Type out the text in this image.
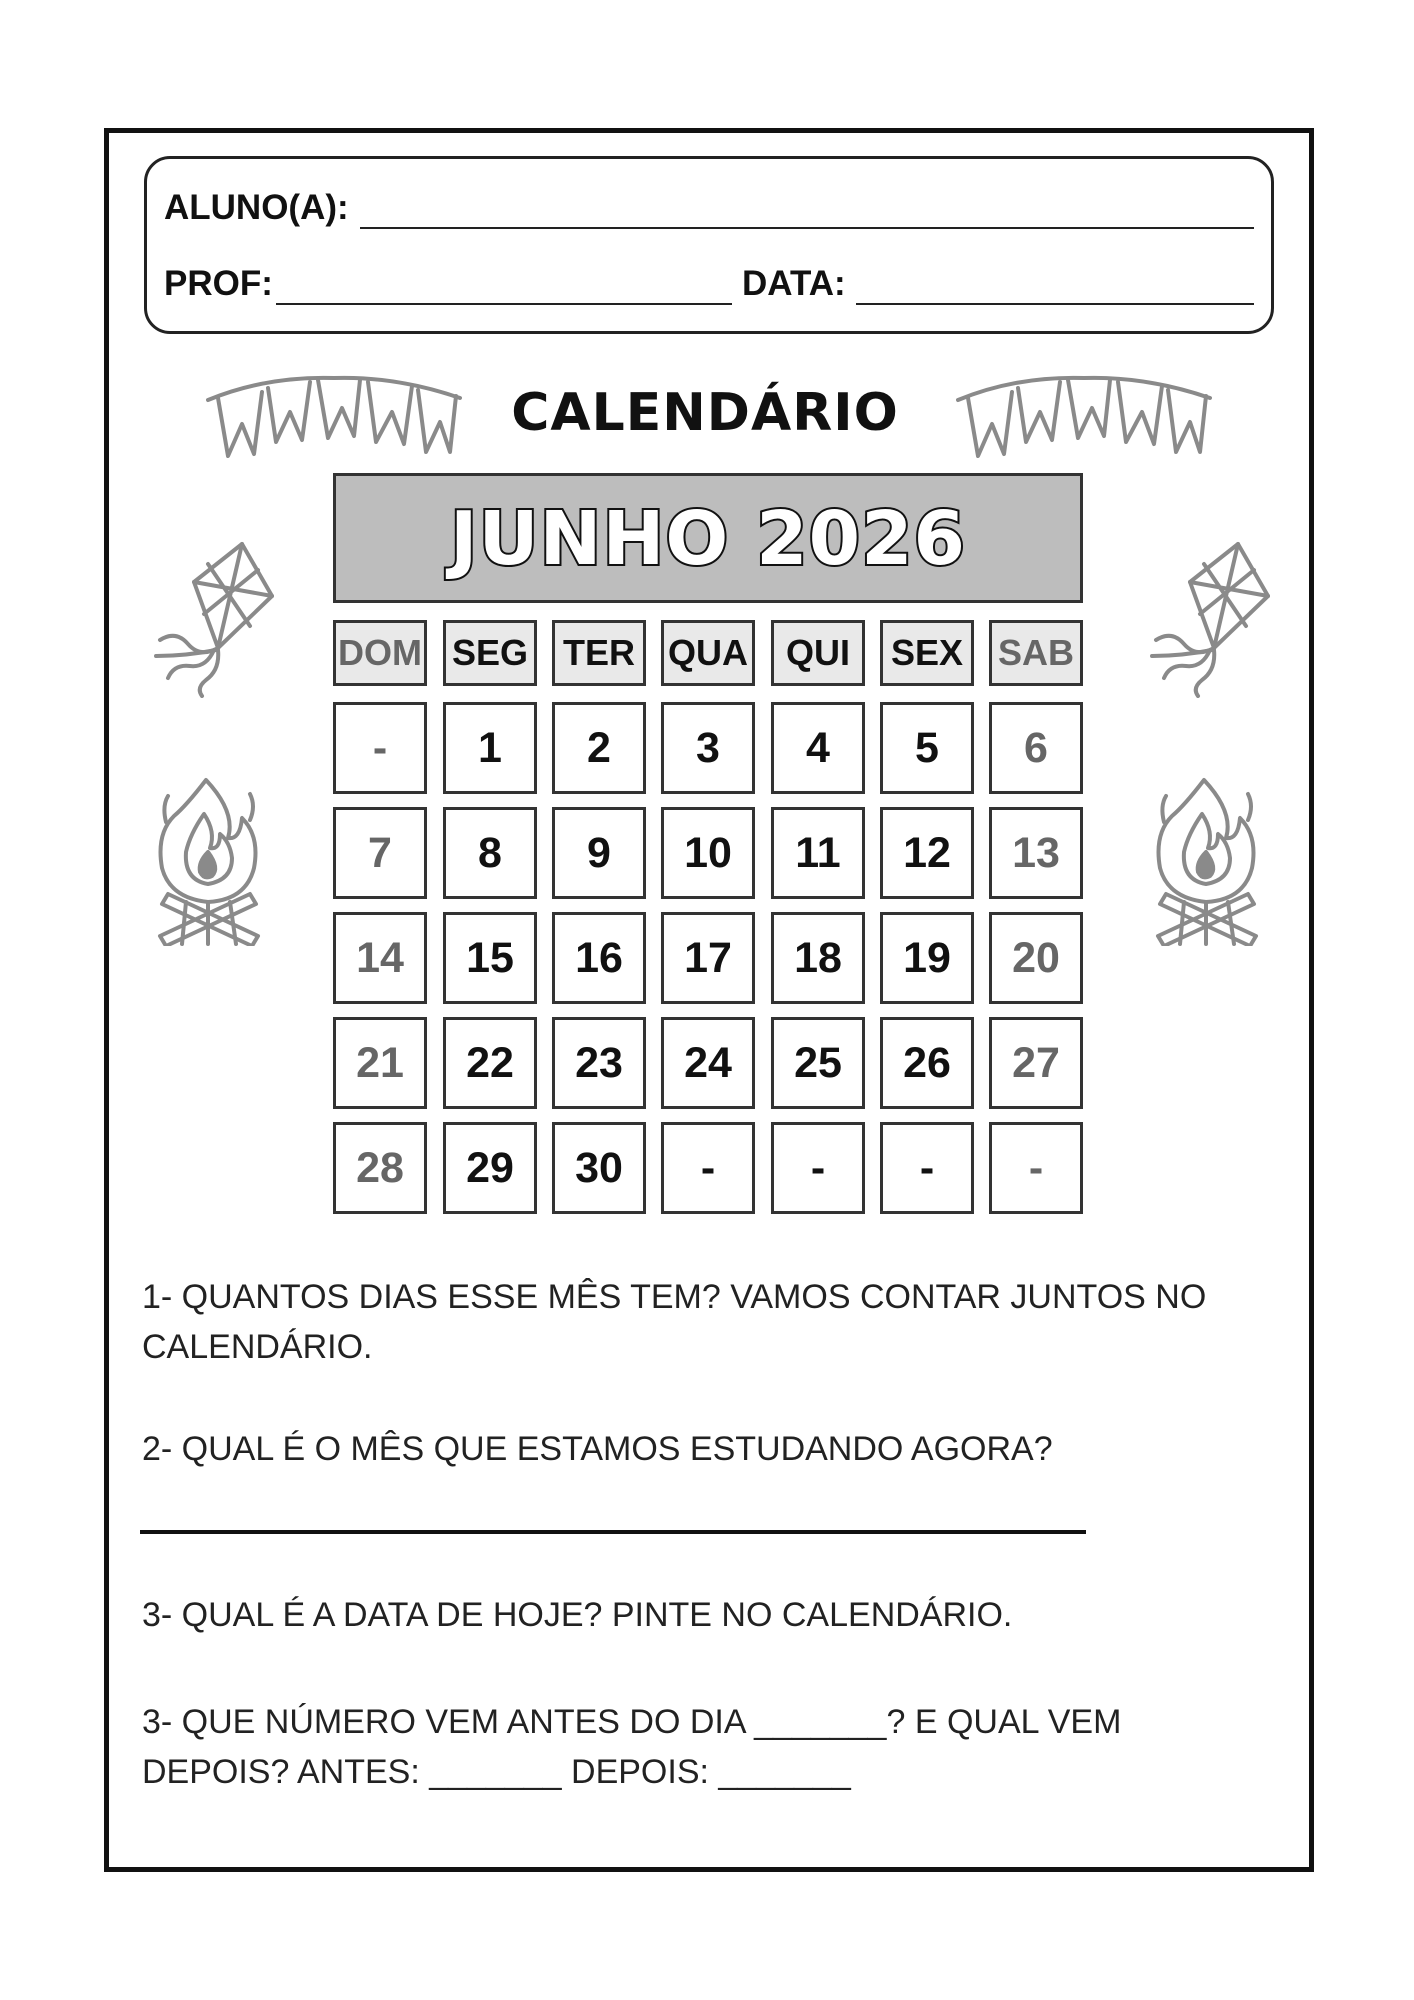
ALUNO(A):
PROF:	DATA:
CALENDÁRIO
JUNHO 2026
DOM SEG TER QUA	QUI	SEX SAB
-	1	2	3	4	5	6
7	8	9	10	11	12	13
14	15	16	17	18	19	20
21	22	23	24	25	26	27
28	29	30	-	-	-	-
1- QUANTOS DIAS ESSE MÊS TEM? VAMOS CONTAR JUNTOS NO
CALENDÁRIO.
2- QUAL É O MÊS QUE ESTAMOS ESTUDANDO AGORA?
3- QUAL É A DATA DE HOJE? PINTE NO CALENDÁRIO.
3- QUE NÚMERO VEM ANTES DO DIA _______? E QUAL VEM
DEPOIS? ANTES: _______ DEPOIS: _______
